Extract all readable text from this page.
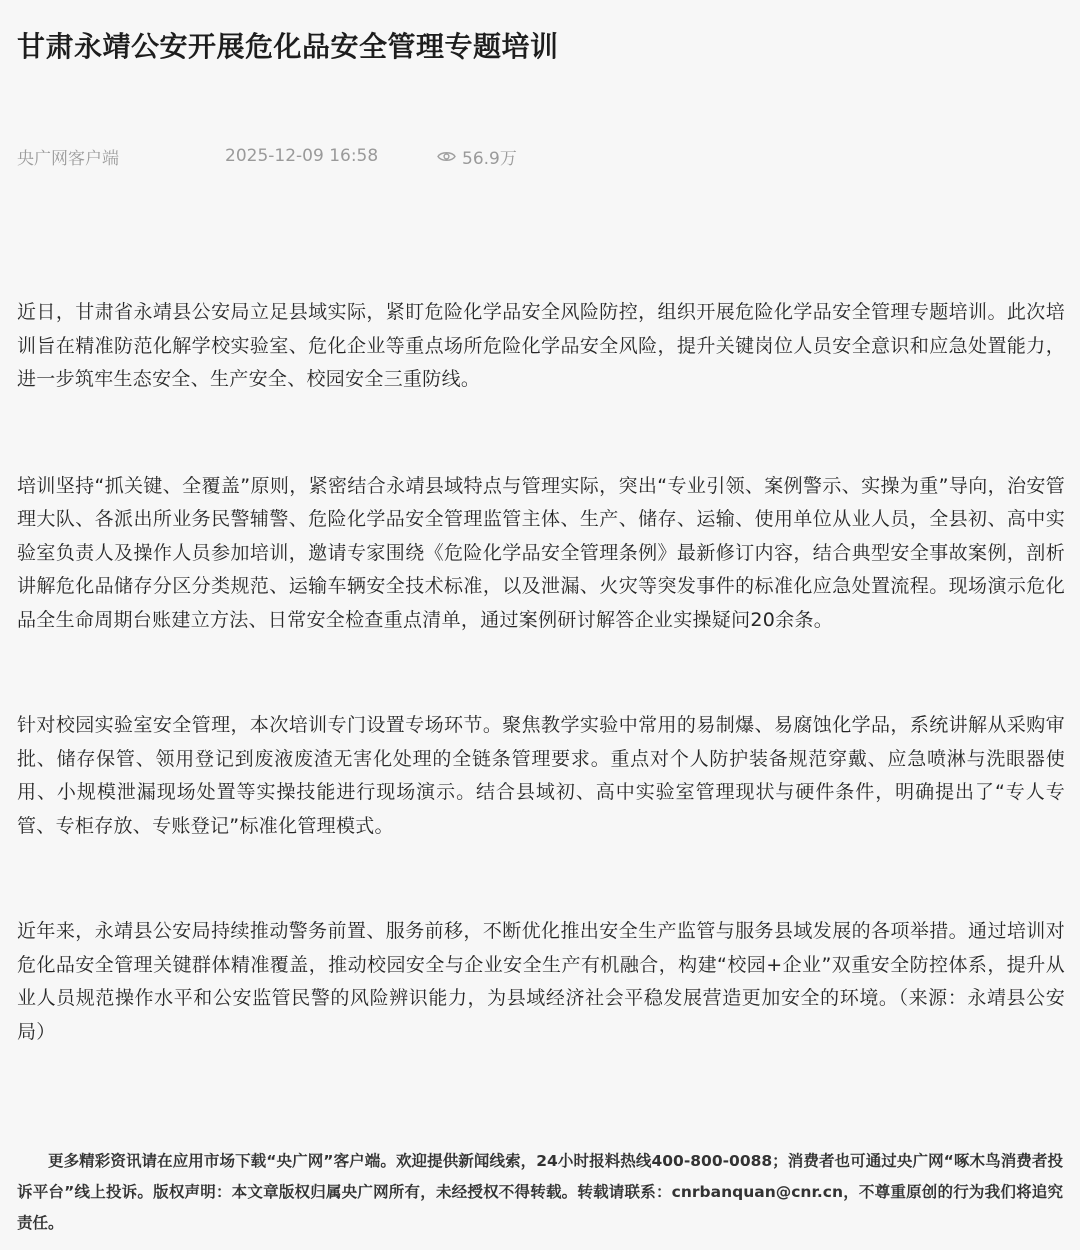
甘肃永靖公安开展危化品安全管理专题培训
央广网客户端	2025-12-09 16:58	56.9万

近日，甘肃省永靖县公安局立足县域实际，紧盯危险化学品安全风险防控，组织开展危险化学品安全管理专题培训。此次培训旨在精准防范化解学校实验室、危化企业等重点场所危险化学品安全风险，提升关键岗位人员安全意识和应急处置能力，进一步筑牢生态安全、生产安全、校园安全三重防线。

培训坚持“抓关键、全覆盖”原则，紧密结合永靖县域特点与管理实际，突出“专业引领、案例警示、实操为重”导向，治安管理大队、各派出所业务民警辅警、危险化学品安全管理监管主体、生产、储存、运输、使用单位从业人员，全县初、高中实验室负责人及操作人员参加培训，邀请专家围绕《危险化学品安全管理条例》最新修订内容，结合典型安全事故案例，剖析讲解危化品储存分区分类规范、运输车辆安全技术标准，以及泄漏、火灾等突发事件的标准化应急处置流程。现场演示危化品全生命周期台账建立方法、日常安全检查重点清单，通过案例研讨解答企业实操疑问20余条。

针对校园实验室安全管理，本次培训专门设置专场环节。聚焦教学实验中常用的易制爆、易腐蚀化学品，系统讲解从采购审批、储存保管、领用登记到废液废渣无害化处理的全链条管理要求。重点对个人防护装备规范穿戴、应急喷淋与洗眼器使用、小规模泄漏现场处置等实操技能进行现场演示。结合县域初、高中实验室管理现状与硬件条件，明确提出了“专人专管、专柜存放、专账登记”标准化管理模式。

近年来，永靖县公安局持续推动警务前置、服务前移，不断优化推出安全生产监管与服务县域发展的各项举措。通过培训对危化品安全管理关键群体精准覆盖，推动校园安全与企业安全生产有机融合，构建“校园+企业”双重安全防控体系，提升从业人员规范操作水平和公安监管民警的风险辨识能力，为县域经济社会平稳发展营造更加安全的环境。（来源：永靖县公安局）

更多精彩资讯请在应用市场下载“央广网”客户端。欢迎提供新闻线索，24小时报料热线400-800-0088；消费者也可通过央广网“啄木鸟消费者投诉平台”线上投诉。版权声明：本文章版权归属央广网所有，未经授权不得转载。转载请联系：cnrbanquan@cnr.cn，不尊重原创的行为我们将追究责任。
